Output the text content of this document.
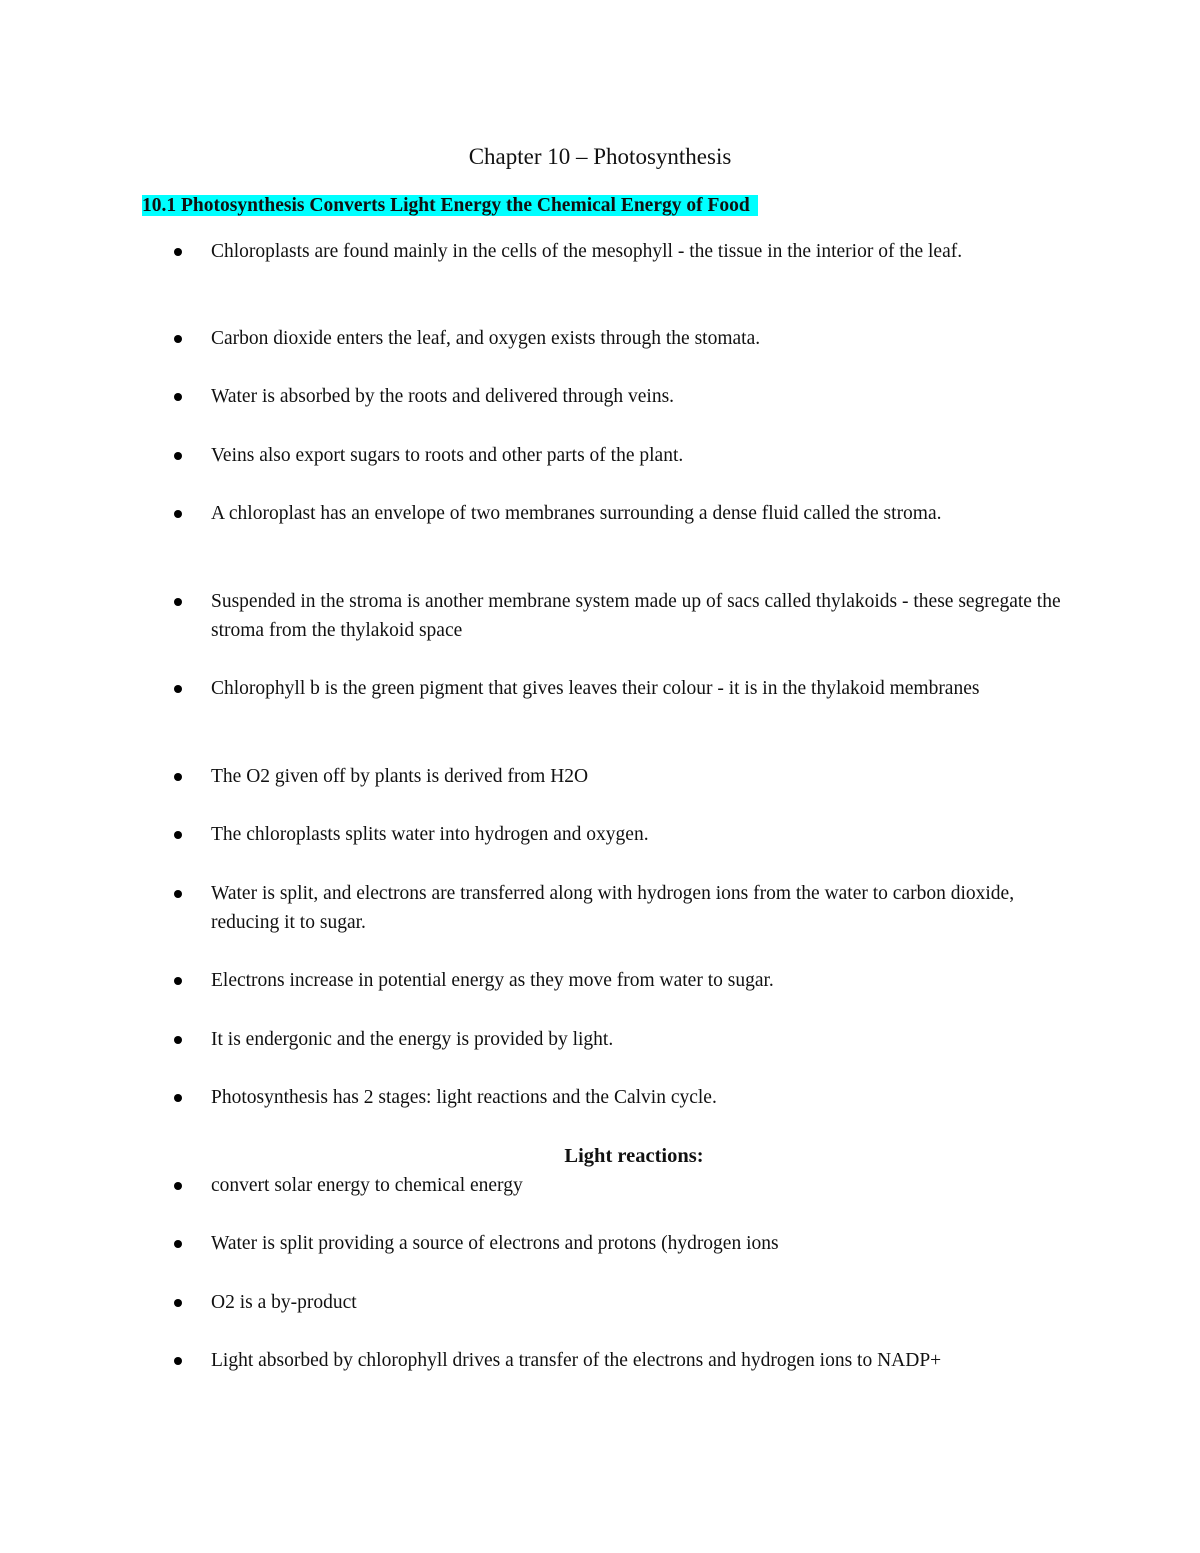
Chapter 10 – Photosynthesis
10.1 Photosynthesis Converts Light Energy the Chemical Energy of Food
Chloroplasts are found mainly in the cells of the mesophyll - the tissue in the interior of the leaf.
Carbon dioxide enters the leaf, and oxygen exists through the stomata.
Water is absorbed by the roots and delivered through veins.
Veins also export sugars to roots and other parts of the plant.
A chloroplast has an envelope of two membranes surrounding a dense fluid called the stroma.
Suspended in the stroma is another membrane system made up of sacs called thylakoids - these segregate the stroma from the thylakoid space
Chlorophyll b is the green pigment that gives leaves their colour - it is in the thylakoid membranes
The O2 given off by plants is derived from H2O
The chloroplasts splits water into hydrogen and oxygen.
Water is split, and electrons are transferred along with hydrogen ions from the water to carbon dioxide, reducing it to sugar.
Electrons increase in potential energy as they move from water to sugar.
It is endergonic and the energy is provided by light.
Photosynthesis has 2 stages: light reactions and the Calvin cycle.
Light reactions:
convert solar energy to chemical energy
Water is split providing a source of electrons and protons (hydrogen ions
O2 is a by-product
Light absorbed by chlorophyll drives a transfer of the electrons and hydrogen ions to NADP+
